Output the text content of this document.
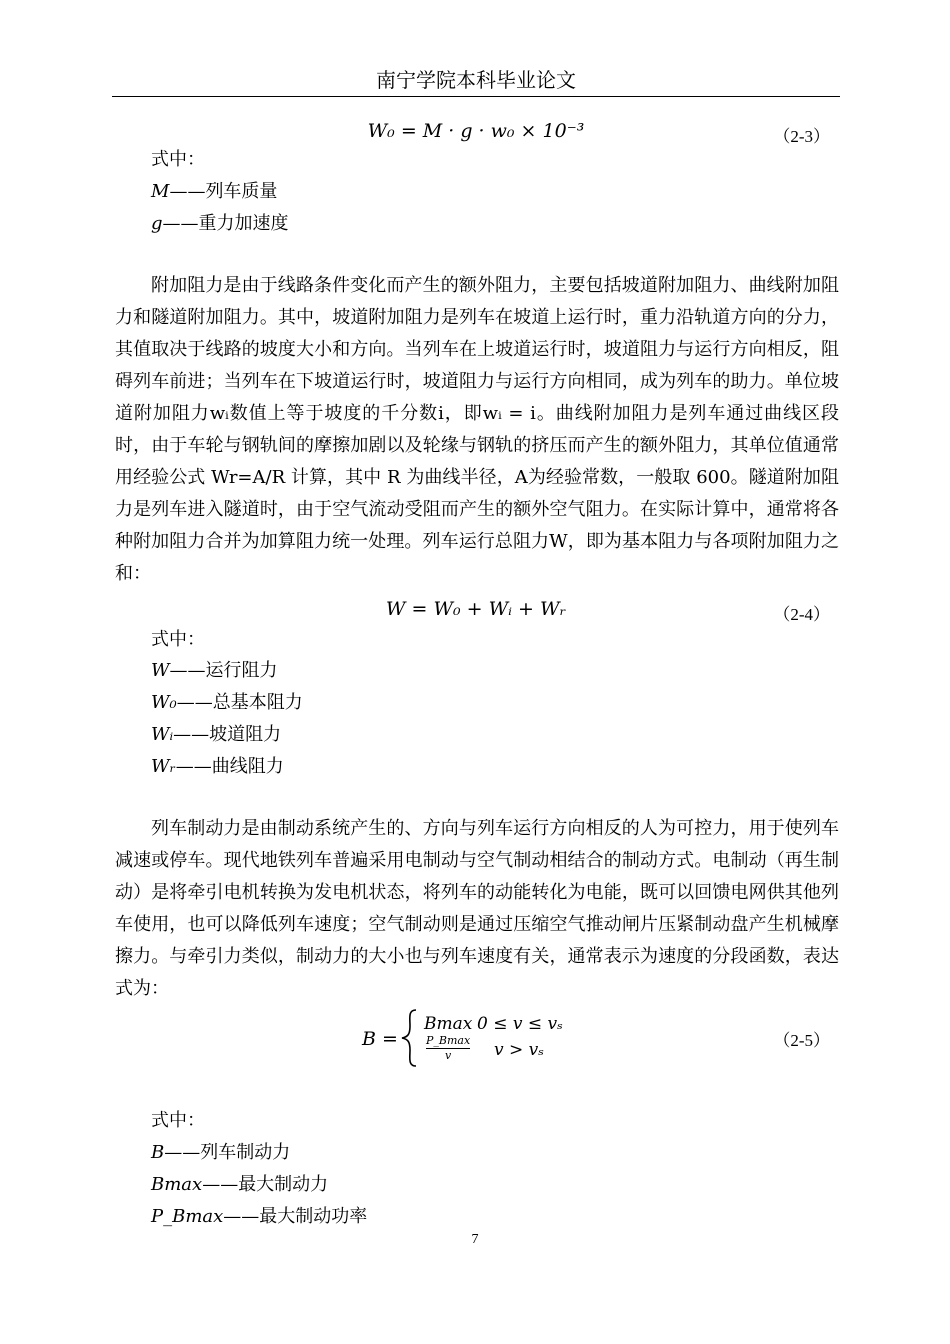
南宁学院本科毕业论文
W₀ = M · g · w₀ × 10⁻³	（2-3）
式中：
M——列车质量
g——重力加速度

附加阻力是由于线路条件变化而产生的额外阻力，主要包括坡道附加阻力、曲线附加阻力和隧道附加阻力。其中，坡道附加阻力是列车在坡道上运行时，重力沿轨道方向的分力，其值取决于线路的坡度大小和方向。当列车在上坡道运行时，坡道阻力与运行方向相反，阻碍列车前进；当列车在下坡道运行时，坡道阻力与运行方向相同，成为列车的助力。单位坡道附加阻力wᵢ数值上等于坡度的千分数i，即wᵢ = i。曲线附加阻力是列车通过曲线区段时，由于车轮与钢轨间的摩擦加剧以及轮缘与钢轨的挤压而产生的额外阻力，其单位值通常用经验公式 Wr=A/R 计算，其中 R 为曲线半径，A为经验常数，一般取 600。隧道附加阻力是列车进入隧道时，由于空气流动受阻而产生的额外空气阻力。在实际计算中，通常将各种附加阻力合并为加算阻力统一处理。列车运行总阻力W，即为基本阻力与各项附加阻力之和：

W = W₀ + Wᵢ + Wᵣ	（2-4）
式中：
W——运行阻力
W₀——总基本阻力
Wᵢ——坡道阻力
Wᵣ——曲线阻力

列车制动力是由制动系统产生的、方向与列车运行方向相反的人为可控力，用于使列车减速或停车。现代地铁列车普遍采用电制动与空气制动相结合的制动方式。电制动（再生制动）是将牵引电机转换为发电机状态，将列车的动能转化为电能，既可以回馈电网供其他列车使用，也可以降低列车速度；空气制动则是通过压缩空气推动闸片压紧制动盘产生机械摩擦力。与牵引力类似，制动力的大小也与列车速度有关，通常表示为速度的分段函数，表达式为：

B =
Bmax
P_Bmax
v
0 ≤ v ≤ vₛ
v > vₛ	（2-5）
式中：
B——列车制动力
Bmax——最大制动力
P_Bmax——最大制动功率
7
